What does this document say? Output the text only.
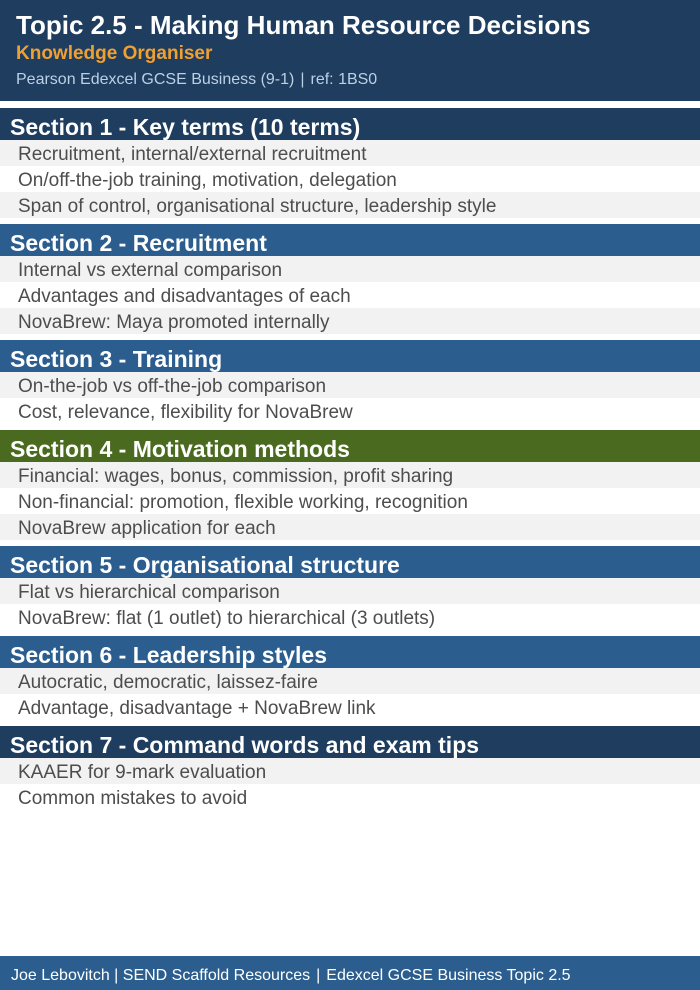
Topic 2.5 - Making Human Resource Decisions
Knowledge Organiser
Pearson Edexcel GCSE Business (9-1) | ref: 1BS0
Section 1 - Key terms (10 terms)
Recruitment, internal/external recruitment
On/off-the-job training, motivation, delegation
Span of control, organisational structure, leadership style
Section 2 - Recruitment
Internal vs external comparison
Advantages and disadvantages of each
NovaBrew: Maya promoted internally
Section 3 - Training
On-the-job vs off-the-job comparison
Cost, relevance, flexibility for NovaBrew
Section 4 - Motivation methods
Financial: wages, bonus, commission, profit sharing
Non-financial: promotion, flexible working, recognition
NovaBrew application for each
Section 5 - Organisational structure
Flat vs hierarchical comparison
NovaBrew: flat (1 outlet) to hierarchical (3 outlets)
Section 6 - Leadership styles
Autocratic, democratic, laissez-faire
Advantage, disadvantage + NovaBrew link
Section 7 - Command words and exam tips
KAAER for 9-mark evaluation
Common mistakes to avoid
Joe Lebovitch | SEND Scaffold Resources | Edexcel GCSE Business Topic 2.5
